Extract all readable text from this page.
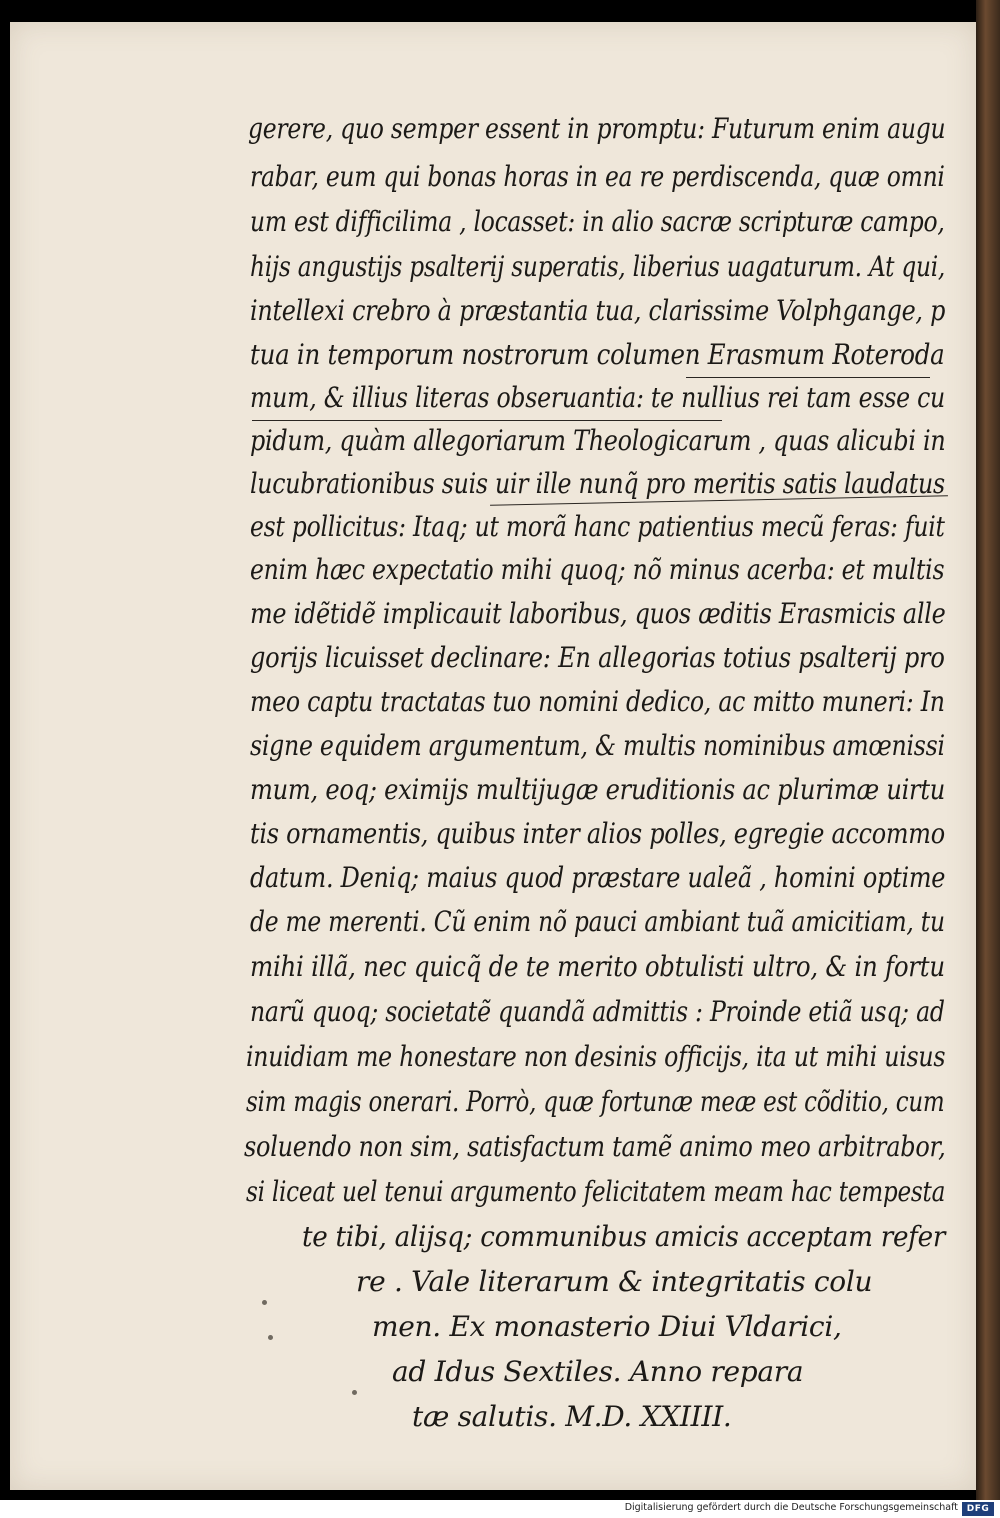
gerere, quo semper essent in promptu: Futurum enim augu
rabar, eum qui bonas horas in ea re perdiscenda, quæ omni
um est difficilima , locasset: in alio sacræ scripturæ campo,
hijs angustijs psalterij superatis, liberius uagaturum. At qui,
intellexi crebro à præstantia tua, clarissime Volphgange, p
tua in temporum nostrorum columen Erasmum Roteroda
mum, & illius literas obseruantia: te nullius rei tam esse cu
pidum, quàm allegoriarum Theologicarum , quas alicubi in
lucubrationibus suis uir ille nunq̃ pro meritis satis laudatus
est pollicitus: Itaq; ut morã hanc patientius mecũ feras: fuit
enim hæc expectatio mihi quoq; nõ minus acerba: et multis
me idẽtidẽ implicauit laboribus, quos æditis Erasmicis alle
gorijs licuisset declinare: En allegorias totius psalterij pro
meo captu tractatas tuo nomini dedico, ac mitto muneri: In
signe equidem argumentum, & multis nominibus amœnissi
mum, eoq; eximijs multijugæ eruditionis ac plurimæ uirtu
tis ornamentis, quibus inter alios polles, egregie accommo
datum. Deniq; maius quod præstare ualeã , homini optime
de me merenti. Cũ enim nõ pauci ambiant tuã amicitiam, tu
mihi illã, nec quicq̃ de te merito obtulisti ultro, & in fortu
narũ quoq; societatẽ quandã admittis : Proinde etiã usq; ad
inuidiam me honestare non desinis officijs, ita ut mihi uisus
sim magis onerari. Porrò, quæ fortunæ meæ est cõditio, cum
soluendo non sim, satisfactum tamẽ animo meo arbitrabor,
si liceat uel tenui argumento felicitatem meam hac tempesta
te tibi, alijsq; communibus amicis acceptam refer
re . Vale literarum & integritatis colu
men. Ex monasterio Diui Vldarici,
ad Idus Sextiles. Anno repara
tæ salutis. M.D. XXIIII.
Digitalisierung gefördert durch die Deutsche Forschungsgemeinschaft DFG
